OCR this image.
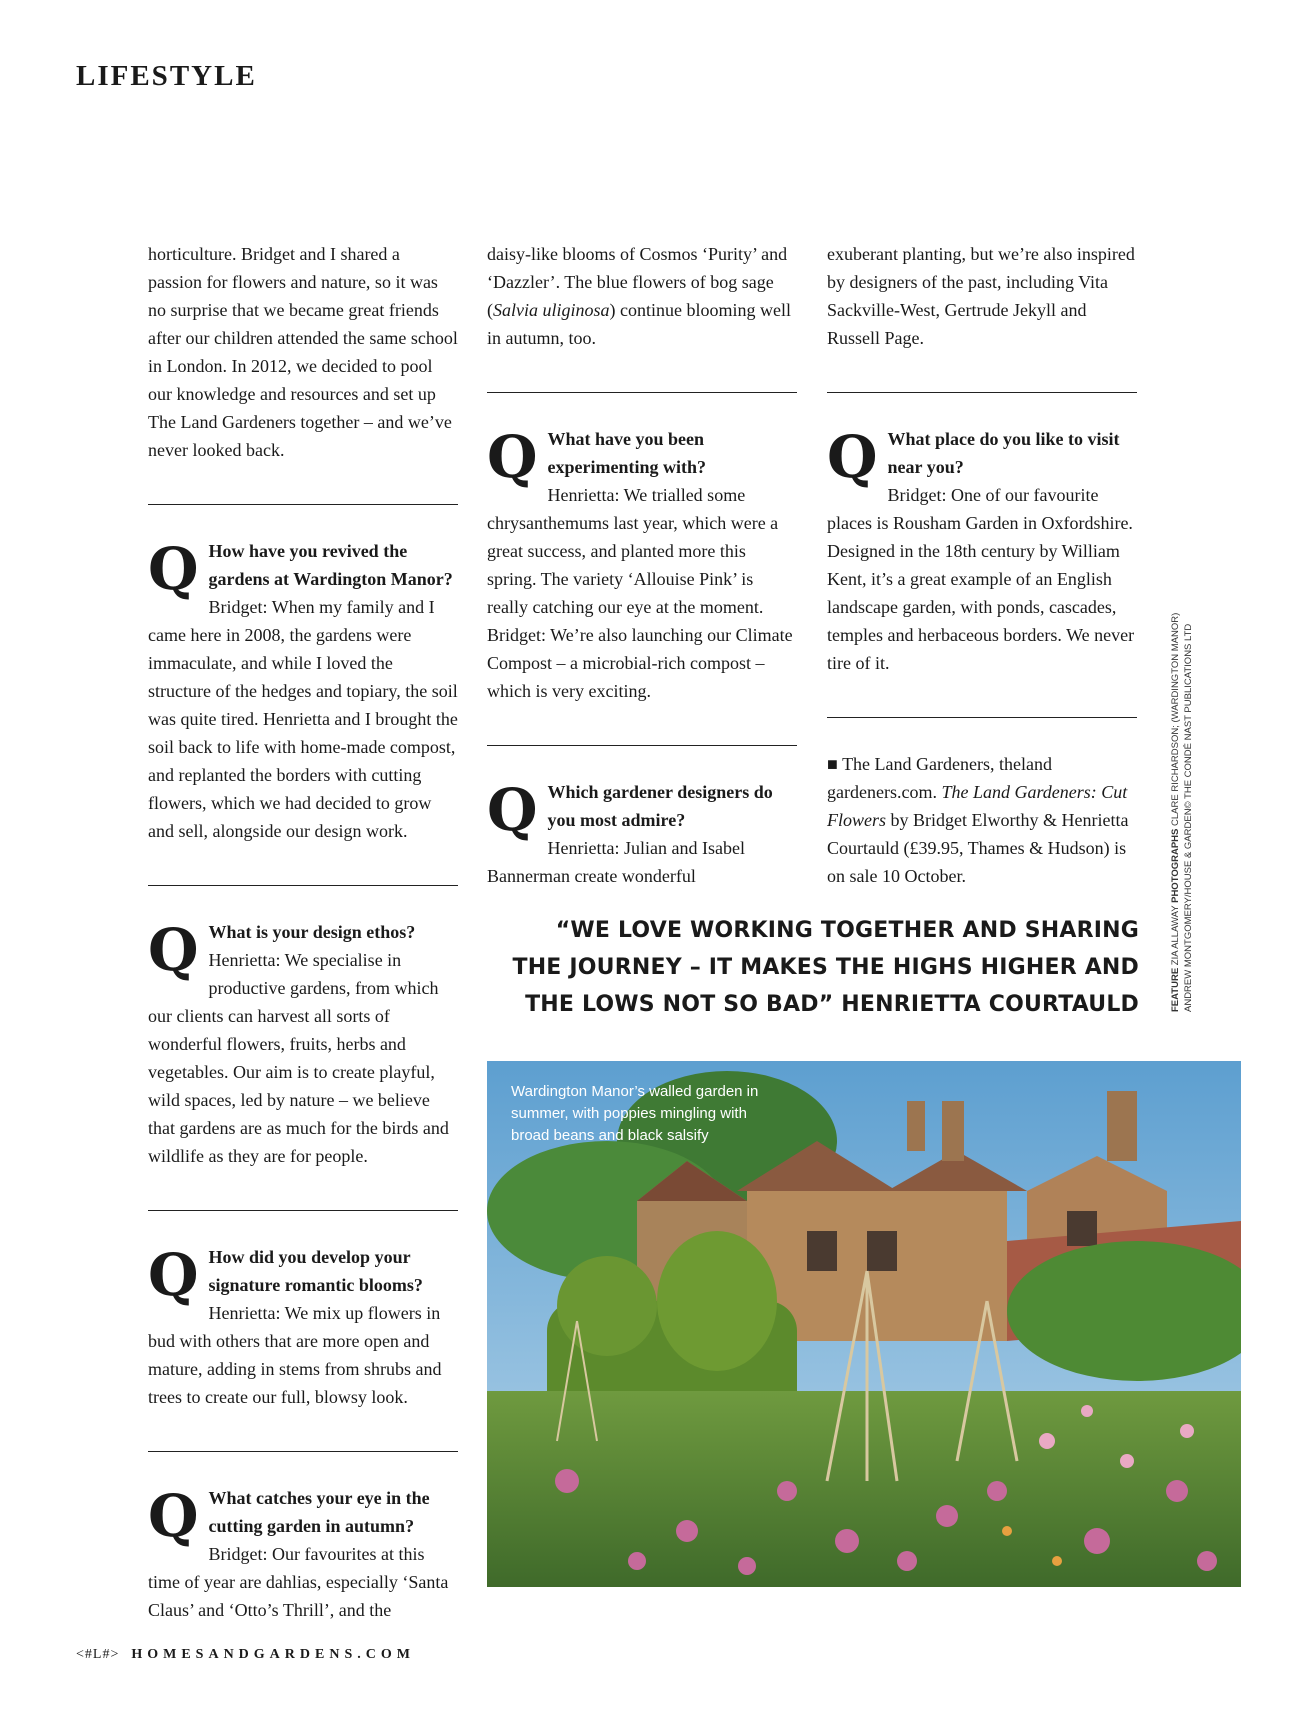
LIFESTYLE

horticulture. Bridget and I shared a passion for flowers and nature, so it was no surprise that we became great friends after our children attended the same school in London. In 2012, we decided to pool our knowledge and resources and set up The Land Gardeners together – and we’ve never looked back.

Q How have you revived the gardens at Wardington Manor?
Bridget: When my family and I came here in 2008, the gardens were immaculate, and while I loved the structure of the hedges and topiary, the soil was quite tired. Henrietta and I brought the soil back to life with home-made compost, and replanted the borders with cutting flowers, which we had decided to grow and sell, alongside our design work.
Q What is your design ethos?
Henrietta: We specialise in productive gardens, from which our clients can harvest all sorts of wonderful flowers, fruits, herbs and vegetables. Our aim is to create playful, wild spaces, led by nature – we believe that gardens are as much for the birds and wildlife as they are for people.
Q How did you develop your signature romantic blooms?
Henrietta: We mix up flowers in bud with others that are more open and mature, adding in stems from shrubs and trees to create our full, blowsy look.
Q What catches your eye in the cutting garden in autumn?
Bridget: Our favourites at this time of year are dahlias, especially ‘Santa Claus’ and ‘Otto’s Thrill’, and the

daisy-like blooms of Cosmos ‘Purity’ and ‘Dazzler’. The blue flowers of bog sage (Salvia uliginosa) continue blooming well in autumn, too.

Q What have you been experimenting with?
Henrietta: We trialled some chrysanthemums last year, which were a great success, and planted more this spring. The variety ‘Allouise Pink’ is really catching our eye at the moment. Bridget: We’re also launching our Climate Compost – a microbial-rich compost – which is very exciting.
Q Which gardener designers do you most admire?
Henrietta: Julian and Isabel Bannerman create wonderful

exuberant planting, but we’re also inspired by designers of the past, including Vita Sackville-West, Gertrude Jekyll and Russell Page.

Q What place do you like to visit near you?
Bridget: One of our favourite places is Rousham Garden in Oxfordshire. Designed in the 18th century by William Kent, it’s a great example of an English landscape garden, with ponds, cascades, temples and herbaceous borders. We never tire of it.

■ The Land Gardeners, theland gardeners.com. The Land Gardeners: Cut Flowers by Bridget Elworthy & Henrietta Courtauld (£39.95, Thames & Hudson) is on sale 10 October.

“WE LOVE WORKING TOGETHER AND SHARING THE JOURNEY – IT MAKES THE HIGHS HIGHER AND THE LOWS NOT SO BAD” HENRIETTA COURTAULD	FEATURE ZIA ALLAWAY PHOTOGRAPHS CLARE RICHARDSON; (WARDINGTON MANOR) ANDREW MONTGOMERY/HOUSE & GARDEN© THE CONDÉ NAST PUBLICATIONS LTD
Wardington Manor’s walled garden in summer, with poppies mingling with broad beans and black salsify
<#L#> HOMESANDGARDENS.COM
